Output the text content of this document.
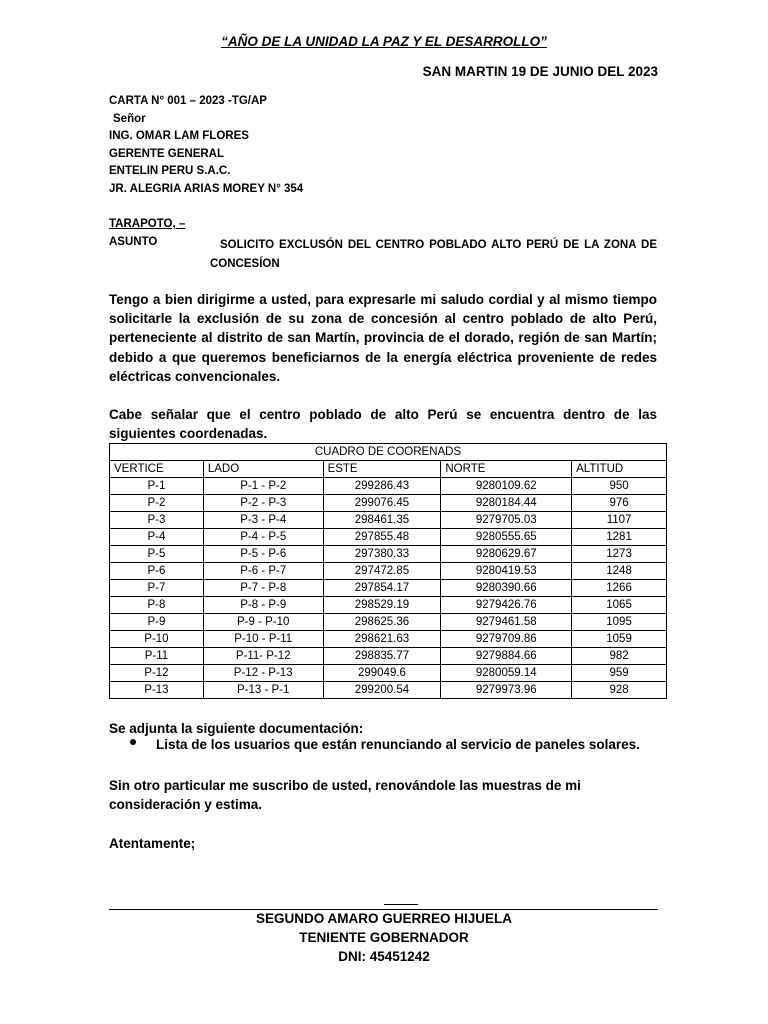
“AÑO DE LA UNIDAD LA PAZ Y EL DESARROLLO”
SAN MARTIN 19 DE JUNIO DEL 2023
CARTA N° 001 – 2023 -TG/AP
Señor
ING. OMAR LAM FLORES
GERENTE GENERAL
ENTELIN PERU S.A.C.
JR. ALEGRIA ARIAS MOREY N° 354
TARAPOTO, –
ASUNTO	SOLICITO EXCLUSÓN DEL CENTRO POBLADO ALTO PERÚ DE LA ZONA DE CONCESÍON
Tengo a bien dirigirme a usted, para expresarle mi saludo cordial y al mismo tiempo solicitarle la exclusión de su zona de concesión al centro poblado de alto Perú, perteneciente al distrito de san Martín, provincia de el dorado, región de san Martín; debido a que queremos beneficiarnos de la energía eléctrica proveniente de redes eléctricas convencionales.
Cabe señalar que el centro poblado de alto Perú se encuentra dentro de las siguientes coordenadas.
CUADRO DE COORENADS				
VERTICE	LADO	ESTE	NORTE	ALTITUD
P-1	P-1 - P-2	299286.43	9280109.62	950
P-2	P-2 - P-3	299076.45	9280184.44	976
P-3	P-3 - P-4	298461.35	9279705.03	1107
P-4	P-4 - P-5	297855.48	9280555.65	1281
P-5	P-5 - P-6	297380.33	9280629.67	1273
P-6	P-6 - P-7	297472.85	9280419.53	1248
P-7	P-7 - P-8	297854.17	9280390.66	1266
P-8	P-8 - P-9	298529.19	9279426.76	1065
P-9	P-9 - P-10	298625.36	9279461.58	1095
P-10	P-10 - P-11	298621.63	9279709.86	1059
P-11	P-11- P-12	298835.77	9279884.66	982
P-12	P-12 - P-13	299049.6	9280059.14	959
P-13	P-13 - P-1	299200.54	9279973.96	928
Se adjunta la siguiente documentación:
Lista de los usuarios que están renunciando al servicio de paneles solares.
Sin otro particular me suscribo de usted, renovándole las muestras de mi consideración y estima.
Atentamente;
SEGUNDO AMARO GUERREO HIJUELA
TENIENTE GOBERNADOR
DNI: 45451242
